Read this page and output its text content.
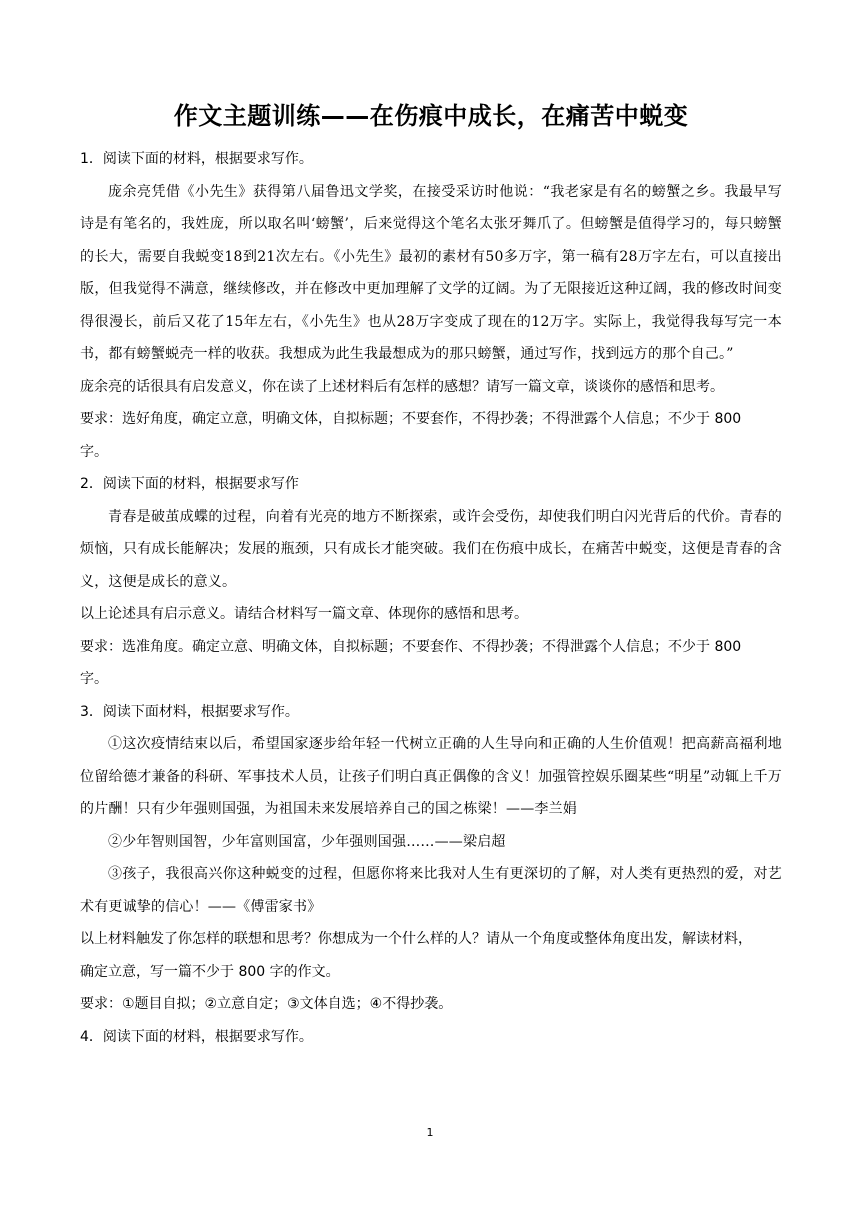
作文主题训练——在伤痕中成长，在痛苦中蜕变

1．阅读下面的材料，根据要求写作。

庞余亮凭借《小先生》获得第八届鲁迅文学奖，在接受采访时他说：“我老家是有名的螃蟹之乡。我最早写诗是有笔名的，我姓庞，所以取名叫‘螃蟹’，后来觉得这个笔名太张牙舞爪了。但螃蟹是值得学习的，每只螃蟹的长大，需要自我蜕变18到21次左右。《小先生》最初的素材有50多万字，第一稿有28万字左右，可以直接出版，但我觉得不满意，继续修改，并在修改中更加理解了文学的辽阔。为了无限接近这种辽阔，我的修改时间变得很漫长，前后又花了15年左右，《小先生》也从28万字变成了现在的12万字。实际上，我觉得我每写完一本书，都有螃蟹蜕壳一样的收获。我想成为此生我最想成为的那只螃蟹，通过写作，找到远方的那个自己。”

庞余亮的话很具有启发意义，你在读了上述材料后有怎样的感想？请写一篇文章，谈谈你的感悟和思考。

要求：选好角度，确定立意，明确文体，自拟标题；不要套作，不得抄袭；不得泄露个人信息；不少于 800

字。

2．阅读下面的材料，根据要求写作

青春是破茧成蝶的过程，向着有光亮的地方不断探索，或许会受伤，却使我们明白闪光背后的代价。青春的烦恼，只有成长能解决；发展的瓶颈，只有成长才能突破。我们在伤痕中成长，在痛苦中蜕变，这便是青春的含义，这便是成长的意义。

以上论述具有启示意义。请结合材料写一篇文章、体现你的感悟和思考。

要求：选准角度。确定立意、明确文体，自拟标题；不要套作、不得抄袭；不得泄露个人信息；不少于 800

字。

3．阅读下面材料，根据要求写作。

①这次疫情结束以后，希望国家逐步给年轻一代树立正确的人生导向和正确的人生价值观！把高薪高福利地位留给德才兼备的科研、军事技术人员，让孩子们明白真正偶像的含义！加强管控娱乐圈某些“明星”动辄上千万的片酬！只有少年强则国强，为祖国未来发展培养自己的国之栋梁！——李兰娟

②少年智则国智，少年富则国富，少年强则国强……——梁启超

③孩子，我很高兴你这种蜕变的过程，但愿你将来比我对人生有更深切的了解，对人类有更热烈的爱，对艺术有更诚挚的信心！——《傅雷家书》

以上材料触发了你怎样的联想和思考？你想成为一个什么样的人？请从一个角度或整体角度出发，解读材料，

确定立意，写一篇不少于 800 字的作文。

要求：①题目自拟；②立意自定；③文体自选；④不得抄袭。

4．阅读下面的材料，根据要求写作。

1
